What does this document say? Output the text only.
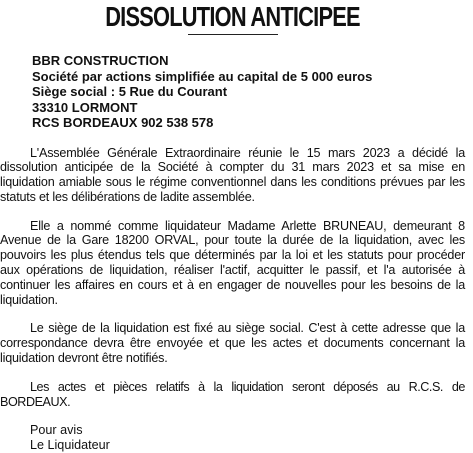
DISSOLUTION ANTICIPEE
BBR CONSTRUCTION
Société par actions simplifiée au capital de 5 000 euros
Siège social : 5 Rue du Courant
33310 LORMONT
RCS BORDEAUX 902 538 578

L'Assemblée Générale Extraordinaire réunie le 15 mars 2023 a décidé la dissolution anticipée de la Société à compter du 31 mars 2023 et sa mise en liquidation amiable sous le régime conventionnel dans les conditions prévues par les statuts et les délibérations de ladite assemblée.

Elle a nommé comme liquidateur Madame Arlette BRUNEAU, demeurant 8 Avenue de la Gare 18200 ORVAL, pour toute la durée de la liquidation, avec les pouvoirs les plus étendus tels que déterminés par la loi et les statuts pour procéder aux opérations de liquidation, réaliser l'actif, acquitter le passif, et l'a autorisée à continuer les affaires en cours et à en engager de nouvelles pour les besoins de la liquidation.

Le siège de la liquidation est fixé au siège social. C'est à cette adresse que la correspondance devra être envoyée et que les actes et documents concernant la liquidation devront être notifiés.

Les actes et pièces relatifs à la liquidation seront déposés au R.C.S. de BORDEAUX.

Pour avis
Le Liquidateur
